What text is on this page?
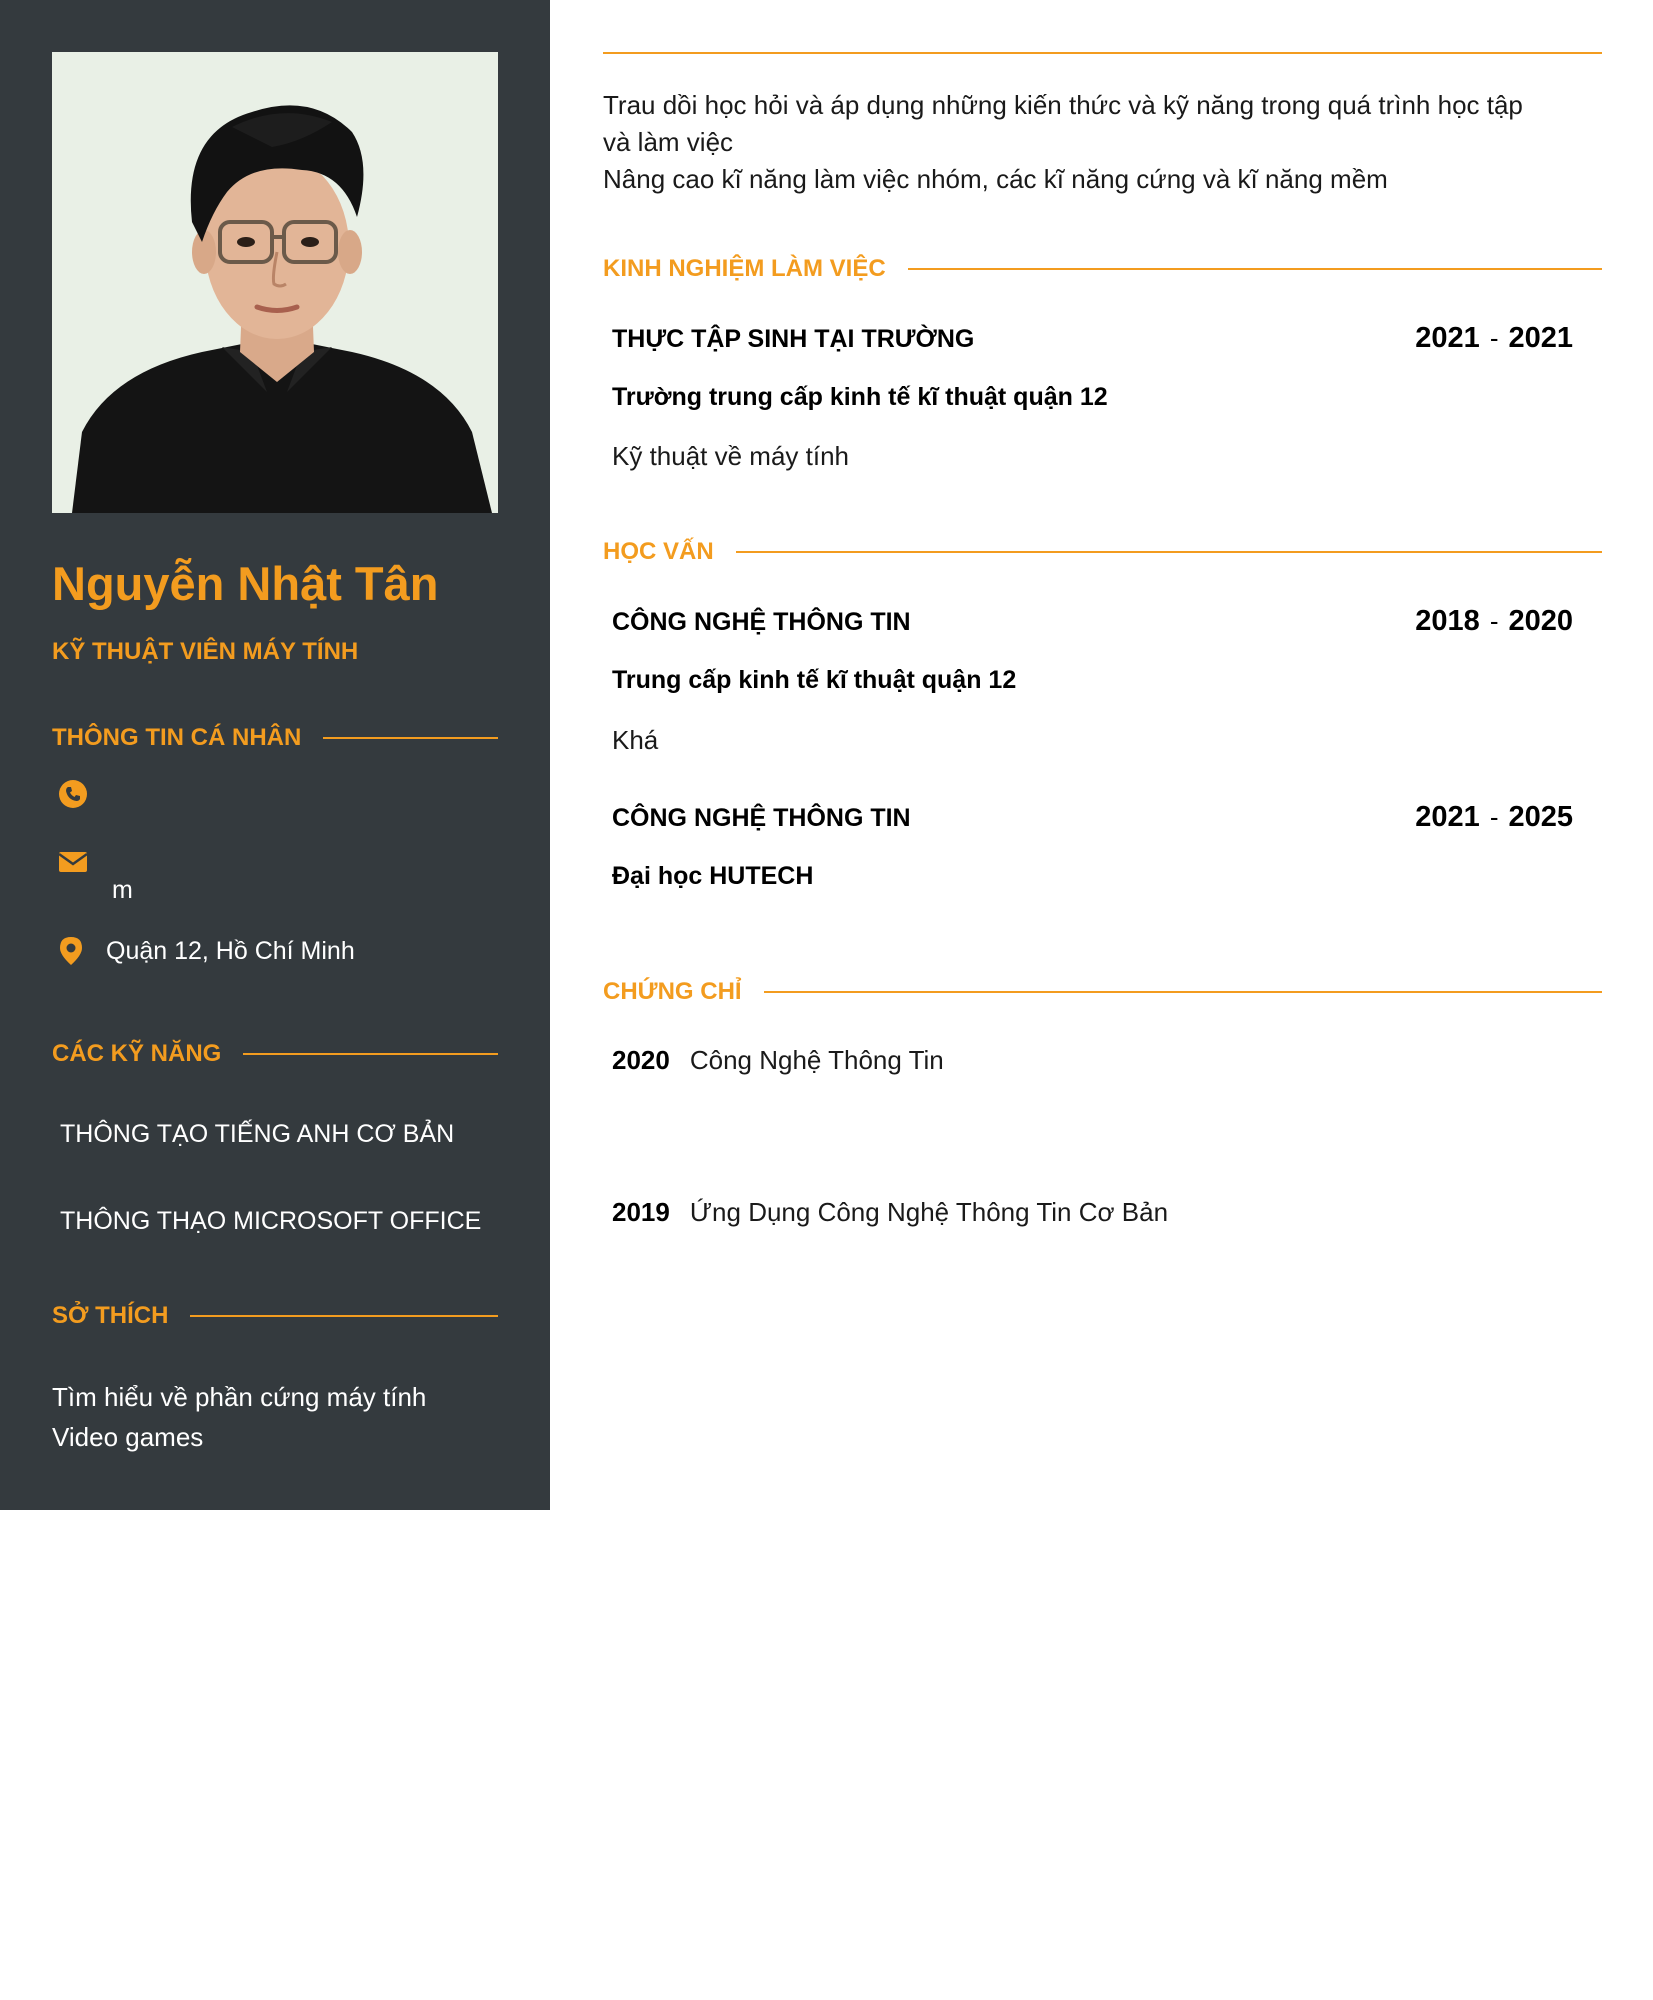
Nguyễn Nhật Tân
KỸ THUẬT VIÊN MÁY TÍNH
THÔNG TIN CÁ NHÂN
m
Quận 12, Hồ Chí Minh
CÁC KỸ NĂNG
THÔNG TẠO TIẾNG ANH CƠ BẢN
THÔNG THẠO MICROSOFT OFFICE
SỞ THÍCH
Tìm hiểu về phần cứng máy tính
Video games
Trau dồi học hỏi và áp dụng những kiến thức và kỹ năng trong quá trình học tập
và làm việc
Nâng cao kĩ năng làm việc nhóm, các kĩ năng cứng và kĩ năng mềm
KINH NGHIỆM LÀM VIỆC
THỰC TẬP SINH TẠI TRƯỜNG	2021 - 2021
Trường trung cấp kinh tế kĩ thuật quận 12
Kỹ thuật về máy tính
HỌC VẤN
CÔNG NGHỆ THÔNG TIN	2018 - 2020
Trung cấp kinh tế kĩ thuật quận 12
Khá
CÔNG NGHỆ THÔNG TIN	2021 - 2025
Đại học HUTECH
CHỨNG CHỈ
2020 Công Nghệ Thông Tin
2019 Ứng Dụng Công Nghệ Thông Tin Cơ Bản
